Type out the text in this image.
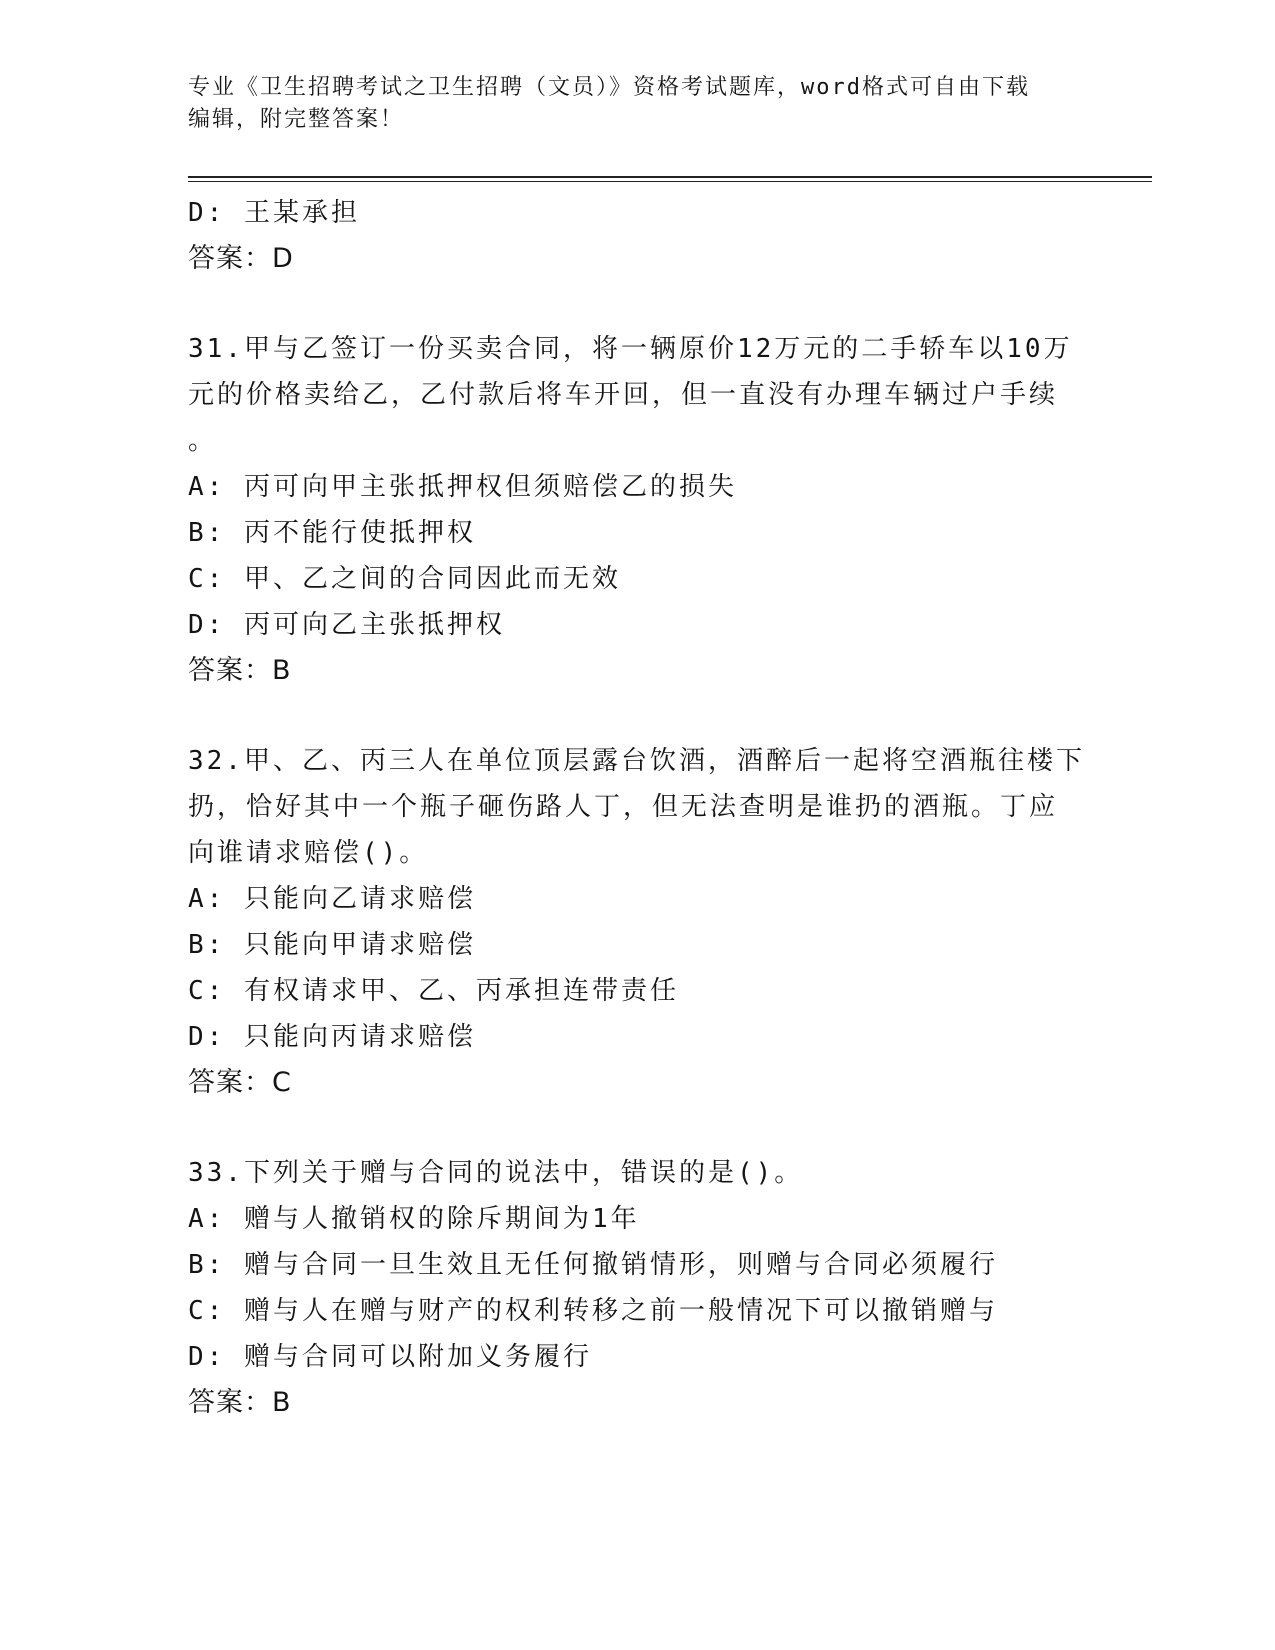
专业《卫生招聘考试之卫生招聘（文员）》资格考试题库，word格式可自由下载
编辑，附完整答案！
D: 王某承担
答案：D
31.甲与乙签订一份买卖合同，将一辆原价12万元的二手轿车以10万
元的价格卖给乙，乙付款后将车开回，但一直没有办理车辆过户手续
。
A: 丙可向甲主张抵押权但须赔偿乙的损失
B: 丙不能行使抵押权
C: 甲、乙之间的合同因此而无效
D: 丙可向乙主张抵押权
答案：B
32.甲、乙、丙三人在单位顶层露台饮酒，酒醉后一起将空酒瓶往楼下
扔，恰好其中一个瓶子砸伤路人丁，但无法查明是谁扔的酒瓶。丁应
向谁请求赔偿()。
A: 只能向乙请求赔偿
B: 只能向甲请求赔偿
C: 有权请求甲、乙、丙承担连带责任
D: 只能向丙请求赔偿
答案：C
33.下列关于赠与合同的说法中，错误的是()。
A: 赠与人撤销权的除斥期间为1年
B: 赠与合同一旦生效且无任何撤销情形，则赠与合同必须履行
C: 赠与人在赠与财产的权利转移之前一般情况下可以撤销赠与
D: 赠与合同可以附加义务履行
答案：B
